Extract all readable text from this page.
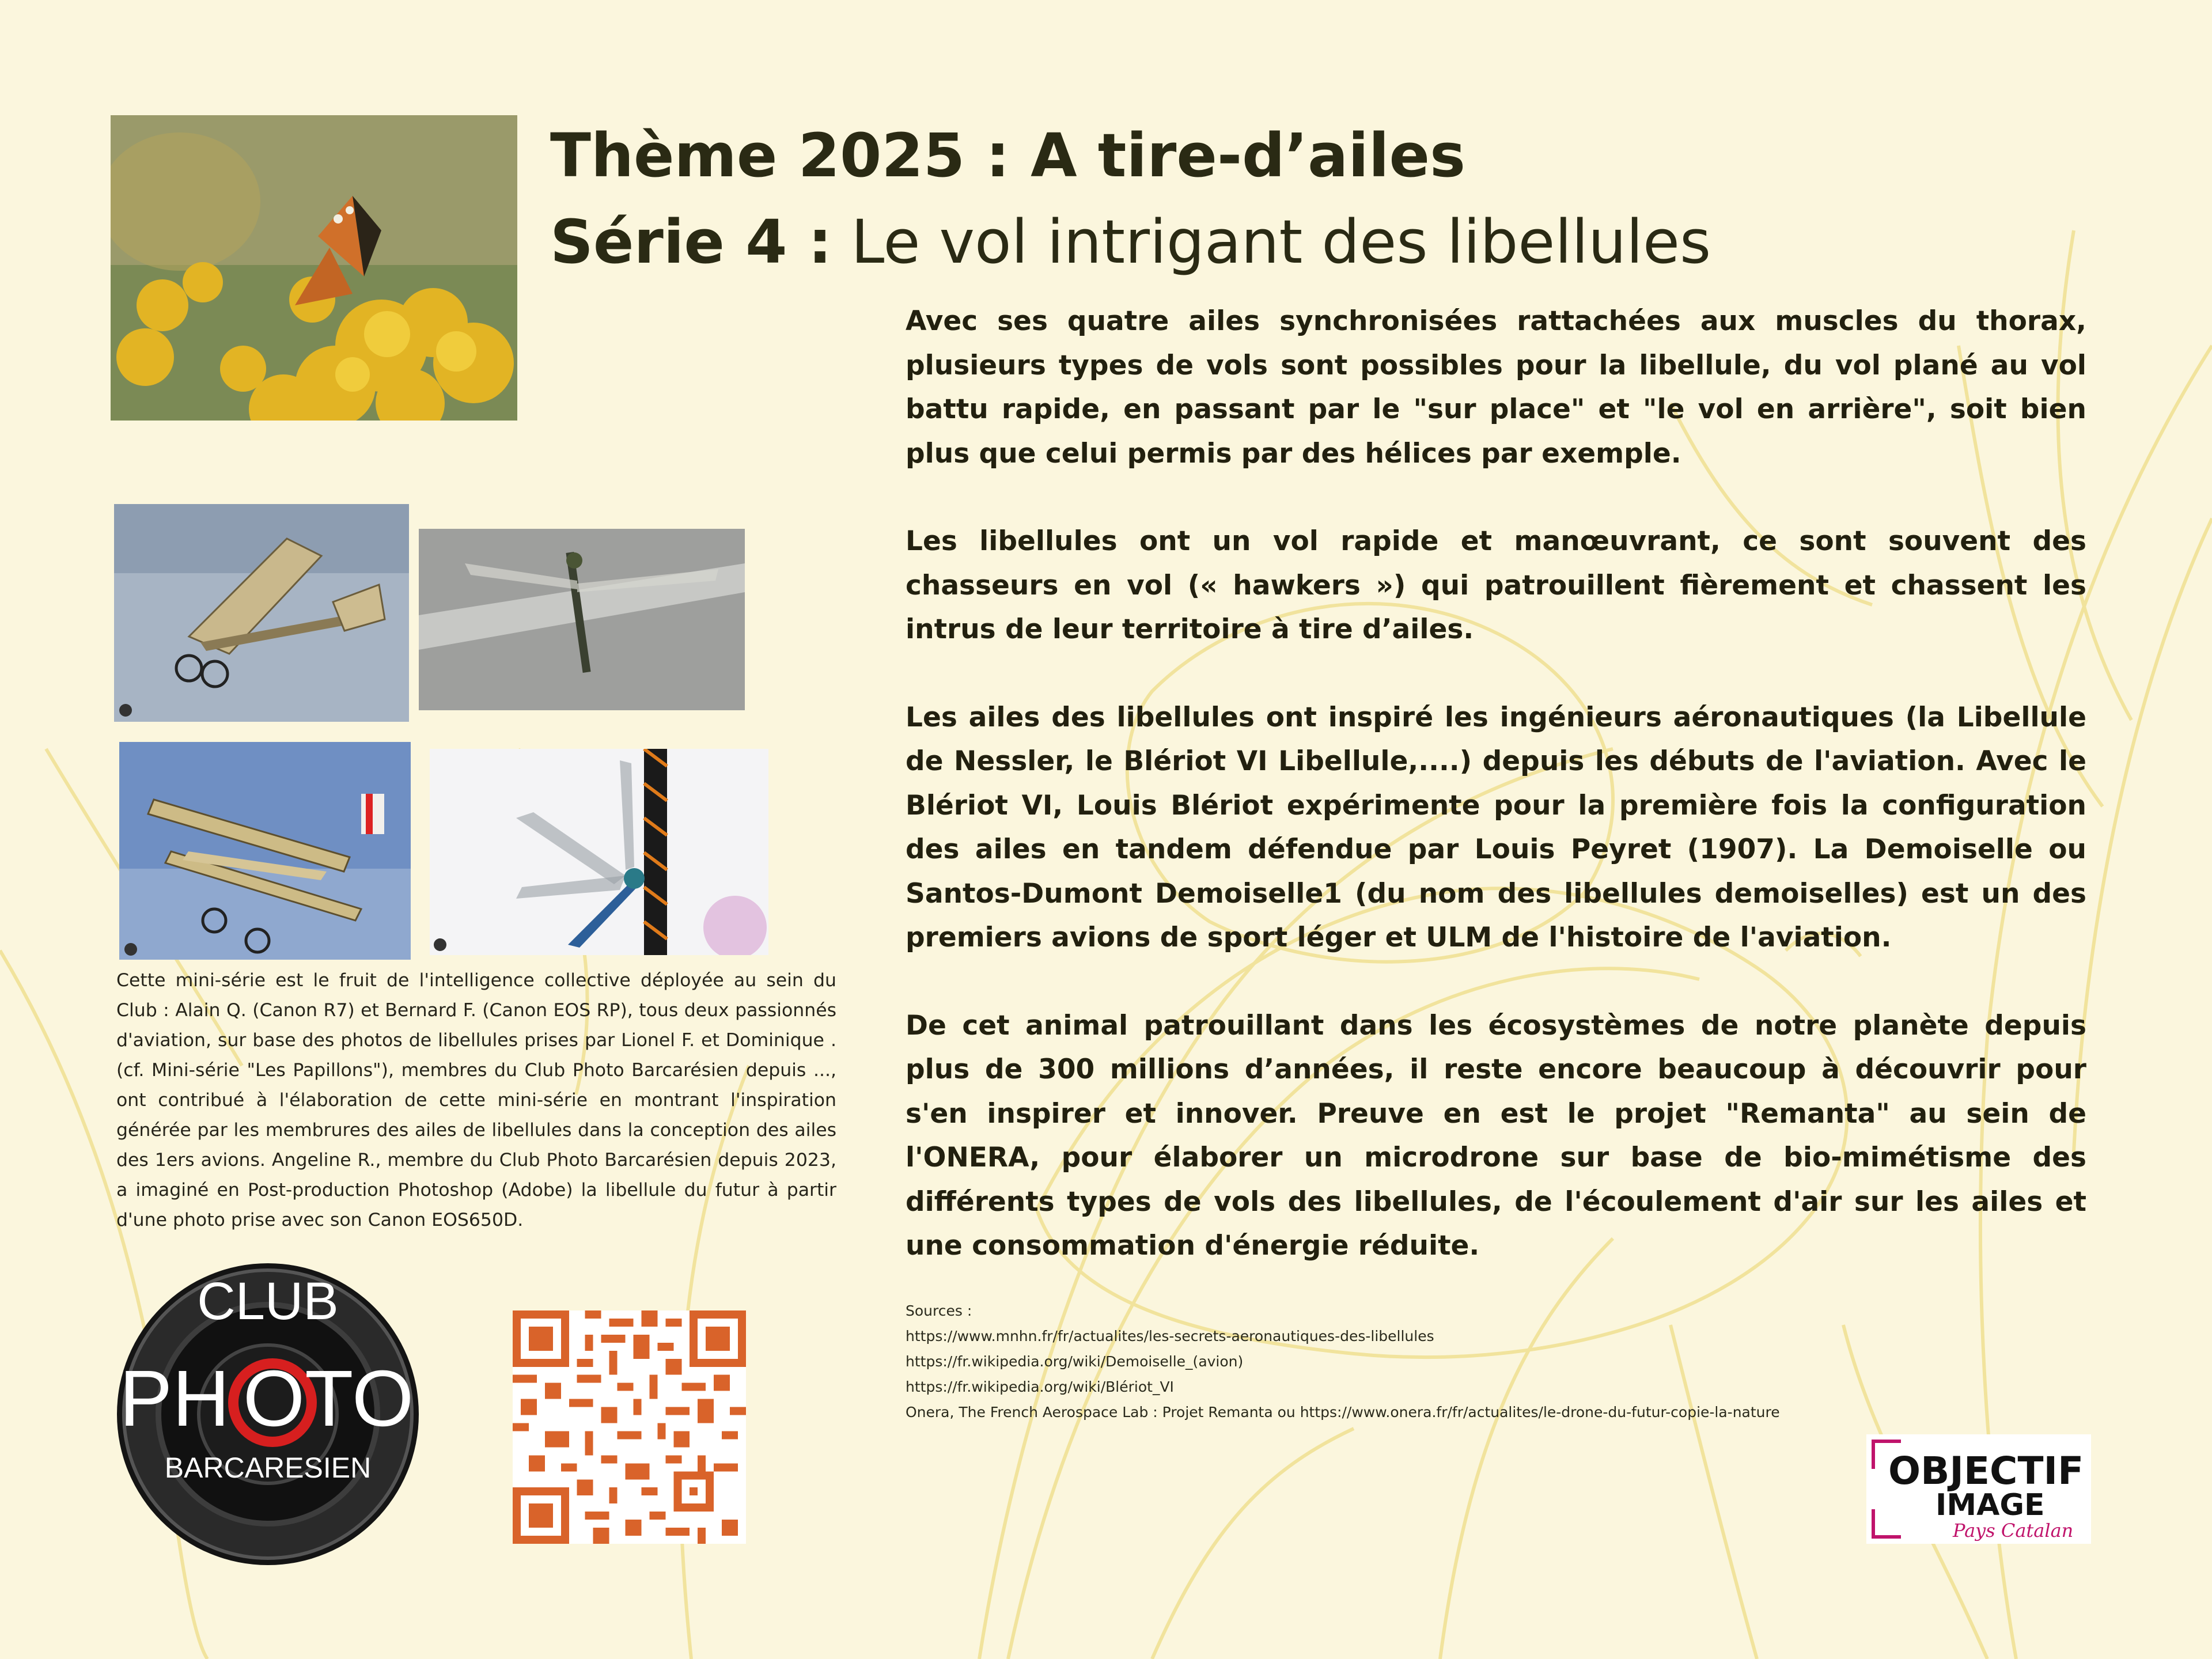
Thème 2025 : A tire-d’ailes
Série 4 : Le vol intrigant des libellules

Avec ses quatre ailes synchronisées rattachées aux muscles du thorax, plusieurs types de vols sont possibles pour la libellule, du vol plané au vol battu rapide, en passant par le "sur place" et "le vol en arrière", soit bien plus que celui permis par des hélices par exemple.

Les libellules ont un vol rapide et manœuvrant, ce sont souvent des chasseurs en vol (« hawkers ») qui patrouillent fièrement et chassent les intrus de leur territoire à tire d’ailes.

Les ailes des libellules ont inspiré les ingénieurs aéronautiques (la Libellule de Nessler, le Blériot VI Libellule,....) depuis les débuts de l'aviation. Avec le Blériot VI, Louis Blériot expérimente pour la première fois la configuration des ailes en tandem défendue par Louis Peyret (1907). La Demoiselle ou Santos-Dumont Demoiselle1 (du nom des libellules demoiselles) est un des premiers avions de sport léger et ULM de l'histoire de l'aviation.

De cet animal patrouillant dans les écosystèmes de notre planète depuis plus de 300 millions d’années, il reste encore beaucoup à découvrir pour s'en inspirer et innover. Preuve en est le projet "Remanta" au sein de l'ONERA, pour élaborer un microdrone sur base de bio-mimétisme des différents types de vols des libellules, de l'écoulement d'air sur les ailes et une consommation d'énergie réduite.

Cette mini-série est le fruit de l'intelligence collective déployée au sein du Club : Alain Q. (Canon R7) et Bernard F. (Canon EOS RP), tous deux passionnés d'aviation, sur base des photos de libellules prises par Lionel F. et Dominique . (cf. Mini-série "Les Papillons"), membres du Club Photo Barcarésien depuis ..., ont contribué à l'élaboration de cette mini-série en montrant l'inspiration générée par les membrures des ailes de libellules dans la conception des ailes des 1ers avions. Angeline R., membre du Club Photo Barcarésien depuis 2023, a imaginé en Post-production Photoshop (Adobe) la libellule du futur à partir d'une photo prise avec son Canon EOS650D.
Sources :
https://www.mnhn.fr/fr/actualites/les-secrets-aeronautiques-des-libellules
https://fr.wikipedia.org/wiki/Demoiselle_(avion)
https://fr.wikipedia.org/wiki/Blériot_VI
Onera, The French Aerospace Lab : Projet Remanta ou https://www.onera.fr/fr/actualites/le-drone-du-futur-copie-la-nature
CLUB
PH OTO
BARCARESIEN	OBJECTIF
IMAGE
Pays Catalan
